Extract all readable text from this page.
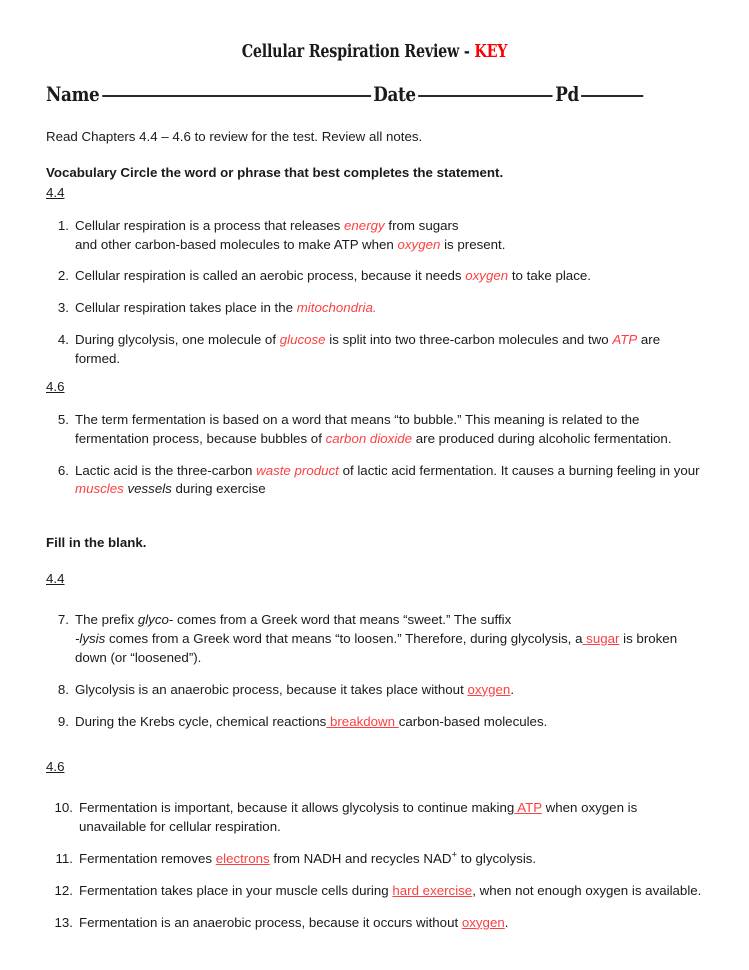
Cellular Respiration Review - KEY
Name	Date	Pd

Read Chapters 4.4 – 4.6 to review for the test. Review all notes.

Vocabulary Circle the word or phrase that best completes the statement.

4.4

1. Cellular respiration is a process that releases energy from sugars
and other carbon-based molecules to make ATP when oxygen is present.
2. Cellular respiration is called an aerobic process, because it needs oxygen to take place.
3. Cellular respiration takes place in the mitochondria.
4. During glycolysis, one molecule of glucose is split into two three-carbon molecules and two ATP are formed.

4.6

5. The term fermentation is based on a word that means “to bubble.” This meaning is related to the fermentation process, because bubbles of carbon dioxide are produced during alcoholic fermentation.
6. Lactic acid is the three-carbon waste product of lactic acid fermentation. It causes a burning feeling in your muscles vessels during exercise

Fill in the blank.

4.4

7. The prefix glyco- comes from a Greek word that means “sweet.” The suffix
-lysis comes from a Greek word that means “to loosen.” Therefore, during glycolysis, a sugar is broken down (or “loosened”).
8. Glycolysis is an anaerobic process, because it takes place without oxygen.
9. During the Krebs cycle, chemical reactions breakdown carbon-based molecules.

4.6

10. Fermentation is important, because it allows glycolysis to continue making ATP when oxygen is unavailable for cellular respiration.
11. Fermentation removes electrons from NADH and recycles NAD+ to glycolysis.
12. Fermentation takes place in your muscle cells during hard exercise, when not enough oxygen is available.
13. Fermentation is an anaerobic process, because it occurs without oxygen.
